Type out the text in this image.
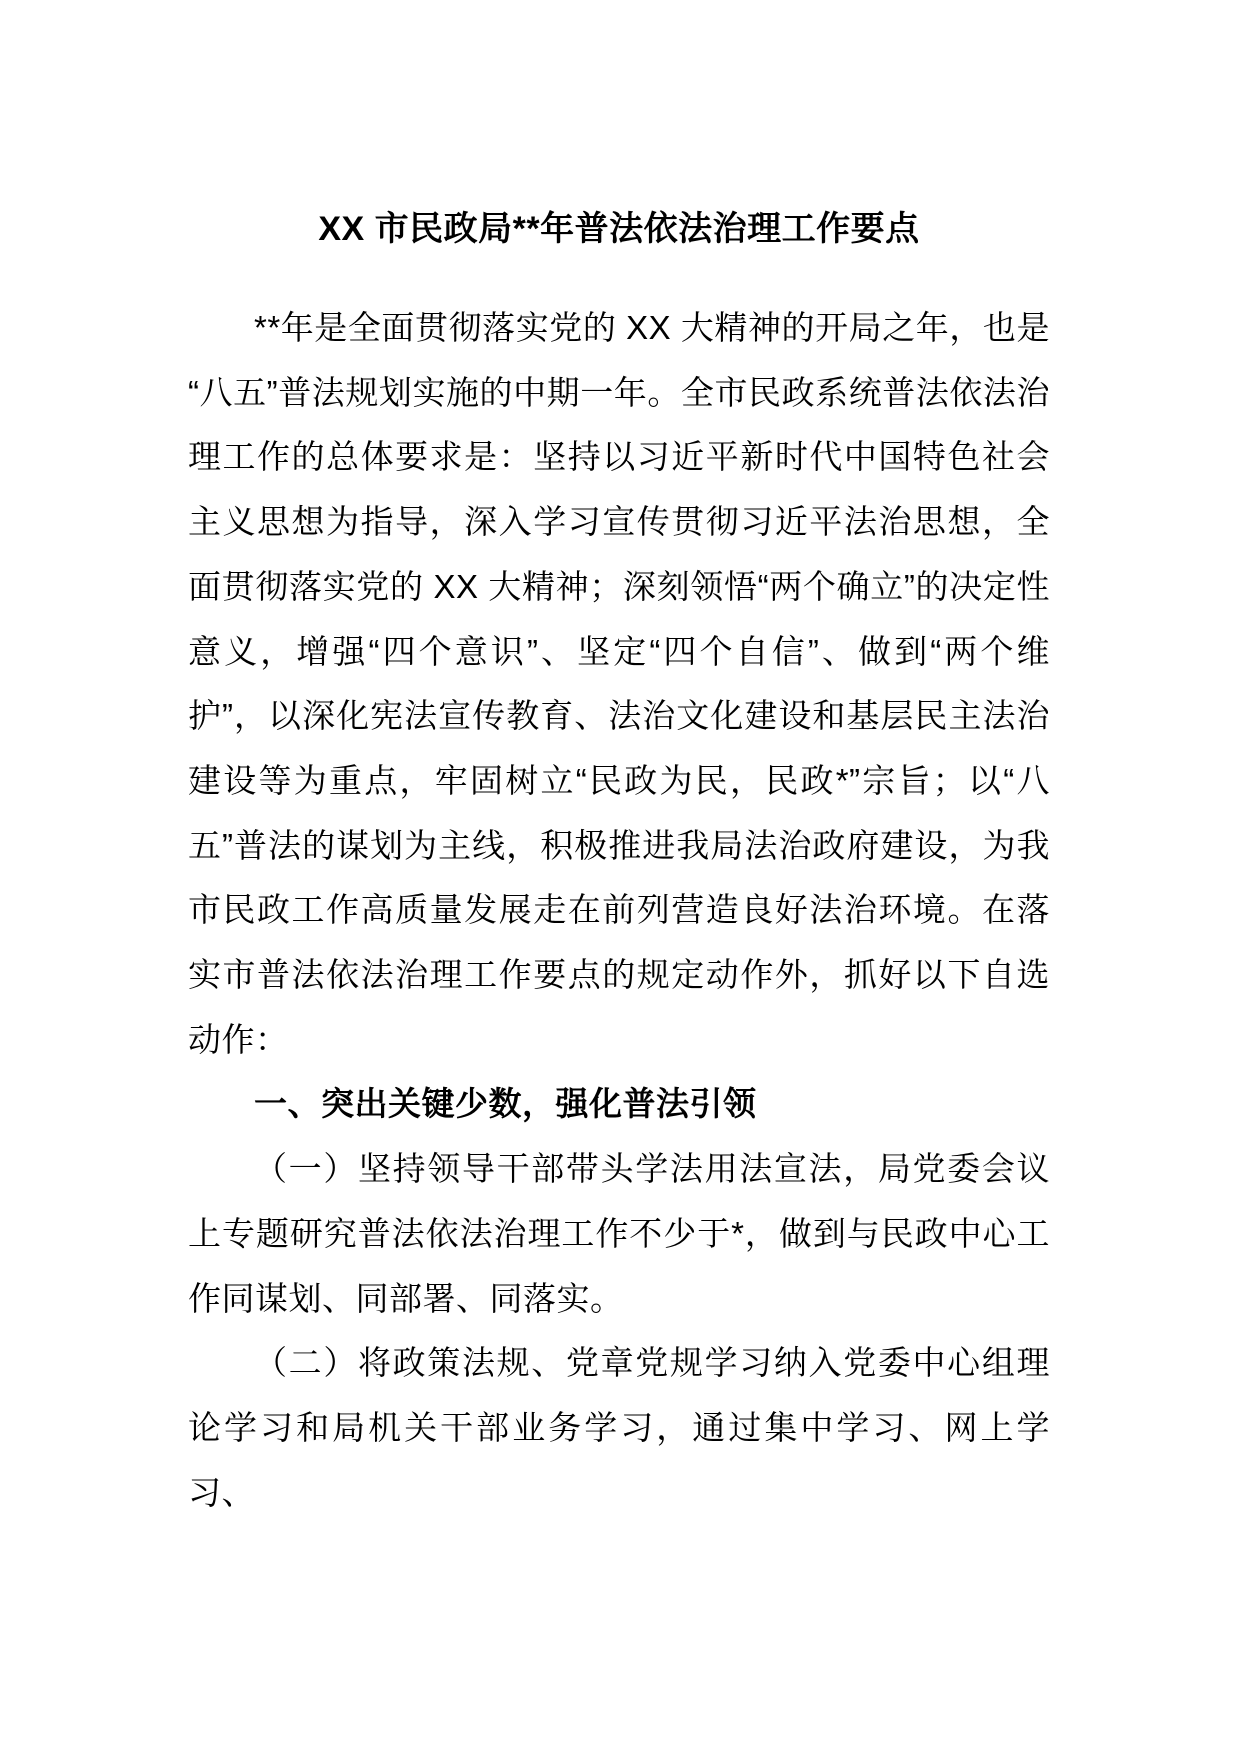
XX 市民政局**年普法依法治理工作要点

**年是全面贯彻落实党的 XX 大精神的开局之年，也是“八五”普法规划实施的中期一年。全市民政系统普法依法治理工作的总体要求是：坚持以习近平新时代中国特色社会主义思想为指导，深入学习宣传贯彻习近平法治思想，全面贯彻落实党的 XX 大精神；深刻领悟“两个确立”的决定性意义，增强“四个意识”、坚定“四个自信”、做到“两个维护”，以深化宪法宣传教育、法治文化建设和基层民主法治建设等为重点，牢固树立“民政为民，民政*”宗旨；以“八五”普法的谋划为主线，积极推进我局法治政府建设，为我市民政工作高质量发展走在前列营造良好法治环境。在落实市普法依法治理工作要点的规定动作外，抓好以下自选动作：

一、突出关键少数，强化普法引领

（一）坚持领导干部带头学法用法宣法，局党委会议上专题研究普法依法治理工作不少于*，做到与民政中心工作同谋划、同部署、同落实。

（二）将政策法规、党章党规学习纳入党委中心组理论学习和局机关干部业务学习，通过集中学习、网上学习、
